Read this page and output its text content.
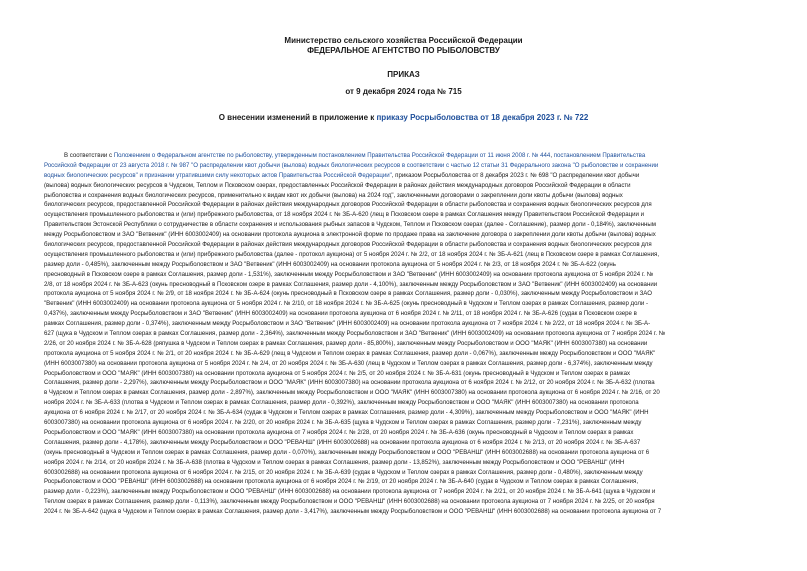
Министерство сельского хозяйства Российской Федерации
ФЕДЕРАЛЬНОЕ АГЕНТСТВО ПО РЫБОЛОВСТВУ
ПРИКАЗ
от 9 декабря 2024 года № 715
О внесении изменений в приложение к приказу Росрыболовства от 18 декабря 2023 г. № 722
В соответствии с Положением о Федеральном агентстве по рыболовству, утвержденным постановлением Правительства Российской Федерации от 11 июня 2008 г. № 444, постановлением Правительства
Российской Федерации от 23 августа 2018 г. № 987 "О распределении квот добычи (вылова) водных биологических ресурсов в соответствии с частью 12 статьи 31 Федерального закона "О рыболовстве и сохранении
водных биологических ресурсов" и признании утратившими силу некоторых актов Правительства Российской Федерации", приказом Росрыболовства от 8 декабря 2023 г. № 698 "О распределении квот добычи
(вылова) водных биологических ресурсов в Чудском, Теплом и Псковском озерах, предоставленных Российской Федерации в районах действия международных договоров Российской Федерации в области
рыболовства и сохранения водных биологических ресурсов, применительно к видам квот их добычи (вылова) на 2024 год", заключенными договорами о закреплении доли квоты добычи (вылова) водных
биологических ресурсов, предоставленной Российской Федерации в районах действия международных договоров Российской Федерации в области рыболовства и сохранения водных биологических ресурсов для
осуществления промышленного рыболовства и (или) прибрежного рыболовства, от 18 ноября 2024 г. № ЗБ-А-620 (лещ в Псковском озере в рамках Соглашения между Правительством Российской Федерации и
Правительством Эстонской Республики о сотрудничестве в области сохранения и использования рыбных запасов в Чудском, Теплом и Псковском озерах (далее - Соглашение), размер доли - 0,184%), заключенным
между Росрыболовством и ЗАО "Ветвеник" (ИНН 6003002409) на основании протокола аукциона в электронной форме по продаже права на заключение договора о закреплении доли квоты добычи (вылова) водных
биологических ресурсов, предоставленной Российской Федерации в районах действия международных договоров Российской Федерации в области рыболовства и сохранения водных биологических ресурсов для
осуществления промышленного рыболовства и (или) прибрежного рыболовства (далее - протокол аукциона) от 5 ноября 2024 г. № 2/2, от 18 ноября 2024 г. № ЗБ-А-621 (лещ в Псковском озере в рамках Соглашения,
размер доли - 0,485%), заключенным между Росрыболовством и ЗАО "Ветвеник" (ИНН 6003002409) на основании протокола аукциона от 5 ноября 2024 г. № 2/3, от 18 ноября 2024 г. № ЗБ-А-622 (окунь
пресноводный в Псковском озере в рамках Соглашения, размер доли - 1,531%), заключенным между Росрыболовством и ЗАО "Ветвеник" (ИНН 6003002409) на основании протокола аукциона от 5 ноября 2024 г. №
2/8, от 18 ноября 2024 г. № ЗБ-А-623 (окунь пресноводный в Псковском озере в рамках Соглашения, размер доли - 4,100%), заключенным между Росрыболовством и ЗАО "Ветвеник" (ИНН 6003002409) на основании
протокола аукциона от 5 ноября 2024 г. № 2/9, от 18 ноября 2024 г. № ЗБ-А-624 (окунь пресноводный в Псковском озере в рамках Соглашения, размер доли - 0,030%), заключенным между Росрыболовством и ЗАО
"Ветвеник" (ИНН 6003002409) на основании протокола аукциона от 5 ноября 2024 г. № 2/10, от 18 ноября 2024 г. № ЗБ-А-625 (окунь пресноводный в Чудском и Теплом озерах в рамках Соглашения, размер доли -
0,437%), заключенным между Росрыболовством и ЗАО "Ветвеник" (ИНН 6003002409) на основании протокола аукциона от 6 ноября 2024 г. № 2/11, от 18 ноября 2024 г. № ЗБ-А-626 (судак в Псковском озере в
рамках Соглашения, размер доли - 0,374%), заключенным между Росрыболовством и ЗАО "Ветвеник" (ИНН 6003002409) на основании протокола аукциона от 7 ноября 2024 г. № 2/22, от 18 ноября 2024 г. № ЗБ-А-
627 (щука в Чудском и Теплом озерах в рамках Соглашения, размер доли - 2,364%), заключенным между Росрыболовством и ЗАО "Ветвеник" (ИНН 6003002409) на основании протокола аукциона от 7 ноября 2024 г. №
2/26, от 20 ноября 2024 г. № ЗБ-А-628 (ряпушка в Чудском и Теплом озерах в рамках Соглашения, размер доли - 85,800%), заключенным между Росрыболовством и ООО "МАЯК" (ИНН 6003007380) на основании
протокола аукциона от 5 ноября 2024 г. № 2/1, от 20 ноября 2024 г. № ЗБ-А-629 (лещ в Чудском и Теплом озерах в рамках Соглашения, размер доли - 0,067%), заключенным между Росрыболовством и ООО "МАЯК"
(ИНН 6003007380) на основании протокола аукциона от 5 ноября 2024 г. № 2/4, от 20 ноября 2024 г. № ЗБ-А-630 (лещ в Чудском и Теплом озерах в рамках Соглашения, размер доли - 6,374%), заключенным между
Росрыболовством и ООО "МАЯК" (ИНН 6003007380) на основании протокола аукциона от 5 ноября 2024 г. № 2/5, от 20 ноября 2024 г. № ЗБ-А-631 (окунь пресноводный в Чудском и Теплом озерах в рамках
Соглашения, размер доли - 2,297%), заключенным между Росрыболовством и ООО "МАЯК" (ИНН 6003007380) на основании протокола аукциона от 6 ноября 2024 г. № 2/12, от 20 ноября 2024 г. № ЗБ-А-632 (плотва
в Чудском и Теплом озерах в рамках Соглашения, размер доли - 2,897%), заключенным между Росрыболовством и ООО "МАЯК" (ИНН 6003007380) на основании протокола аукциона от 6 ноября 2024 г. № 2/16, от 20
ноября 2024 г. № ЗБ-А-633 (плотва в Чудском и Теплом озерах в рамках Соглашения, размер доли - 0,392%), заключенным между Росрыболовством и ООО "МАЯК" (ИНН 6003007380) на основании протокола
аукциона от 6 ноября 2024 г. № 2/17, от 20 ноября 2024 г. № ЗБ-А-634 (судак в Чудском и Теплом озерах в рамках Соглашения, размер доли - 4,309%), заключенным между Росрыболовством и ООО "МАЯК" (ИНН
6003007380) на основании протокола аукциона от 6 ноября 2024 г. № 2/20, от 20 ноября 2024 г. № ЗБ-А-635 (щука в Чудском и Теплом озерах в рамках Соглашения, размер доли - 7,231%), заключенным между
Росрыболовством и ООО "МАЯК" (ИНН 6003007380) на основании протокола аукциона от 7 ноября 2024 г. № 2/28, от 20 ноября 2024 г. № ЗБ-А-636 (окунь пресноводный в Чудском и Теплом озерах в рамках
Соглашения, размер доли - 4,178%), заключенным между Росрыболовством и ООО "РЕВАНШ" (ИНН 6003002688) на основании протокола аукциона от 6 ноября 2024 г. № 2/13, от 20 ноября 2024 г. № ЗБ-А-637
(окунь пресноводный в Чудском и Теплом озерах в рамках Соглашения, размер доли - 0,070%), заключенным между Росрыболовством и ООО "РЕВАНШ" (ИНН 6003002688) на основании протокола аукциона от 6
ноября 2024 г. № 2/14, от 20 ноября 2024 г. № ЗБ-А-638 (плотва в Чудском и Теплом озерах в рамках Соглашения, размер доли - 13,852%), заключенным между Росрыболовством и ООО "РЕВАНШ" (ИНН
6003002688) на основании протокола аукциона от 6 ноября 2024 г. № 2/15, от 20 ноября 2024 г. № ЗБ-А-639 (судак в Чудском и Теплом озерах в рамках Соглашения, размер доли - 0,480%), заключенным между
Росрыболовством и ООО "РЕВАНШ" (ИНН 6003002688) на основании протокола аукциона от 6 ноября 2024 г. № 2/19, от 20 ноября 2024 г. № ЗБ-А-640 (судак в Чудском и Теплом озерах в рамках Соглашения,
размер доли - 0,223%), заключенным между Росрыболовством и ООО "РЕВАНШ" (ИНН 6003002688) на основании протокола аукциона от 7 ноября 2024 г. № 2/21, от 20 ноября 2024 г. № ЗБ-А-641 (щука в Чудском и
Теплом озерах в рамках Соглашения, размер доли - 0,113%), заключенным между Росрыболовством и ООО "РЕВАНШ" (ИНН 6003002688) на основании протокола аукциона от 7 ноября 2024 г. № 2/25, от 20 ноября
2024 г. № ЗБ-А-642 (щука в Чудском и Теплом озерах в рамках Соглашения, размер доли - 3,417%), заключенным между Росрыболовством и ООО "РЕВАНШ" (ИНН 6003002688) на основании протокола аукциона от 7
